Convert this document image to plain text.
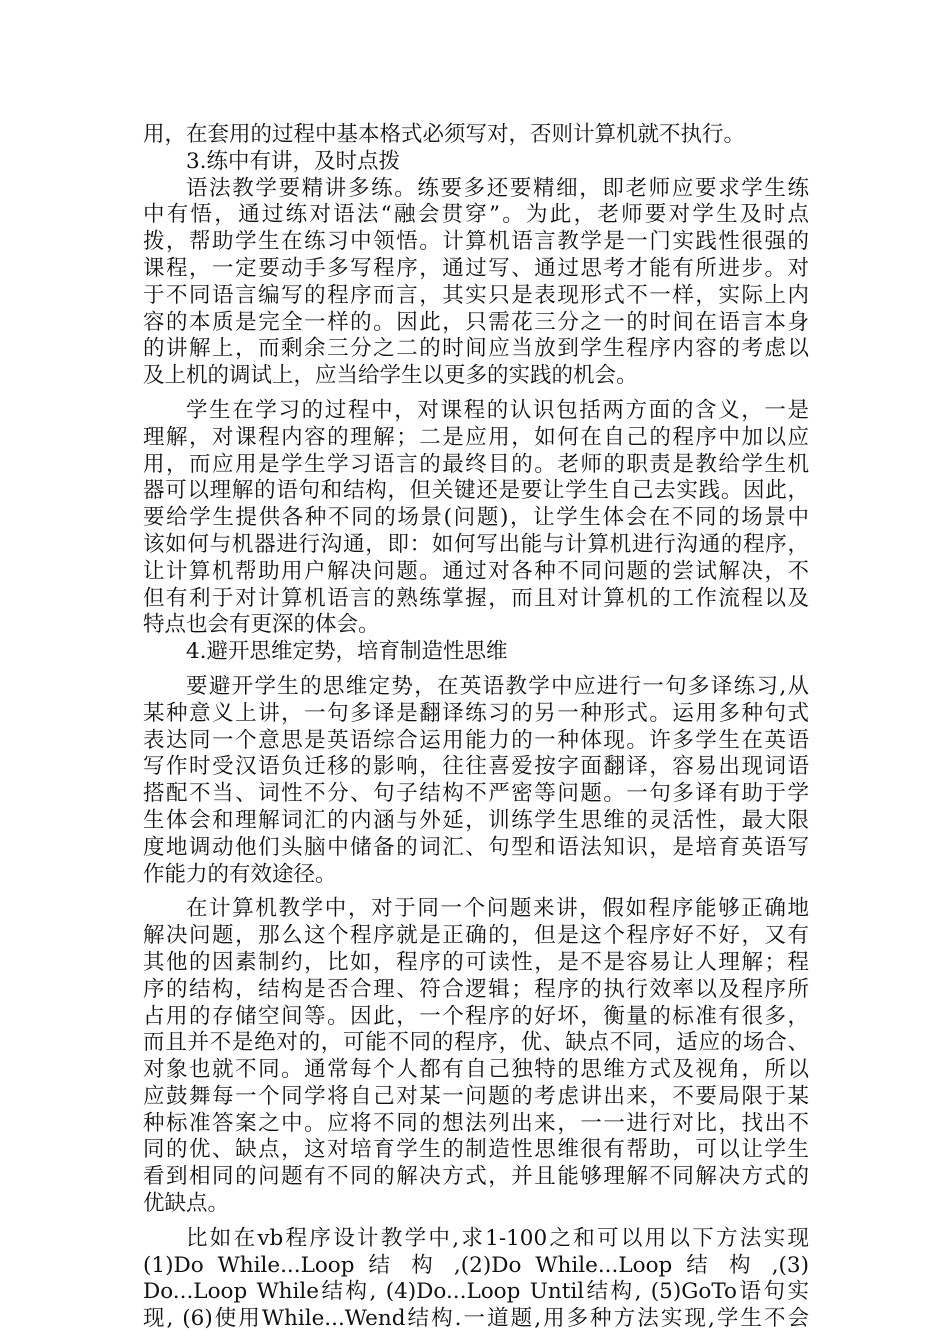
用，在套用的过程中基本格式必须写对，否则计算机就不执行。
3.练中有讲，及时点拨
语法教学要精讲多练。练要多还要精细，即老师应要求学生练
中有悟，通过练对语法“融会贯穿”。为此，老师要对学生及时点
拨，帮助学生在练习中领悟。计算机语言教学是一门实践性很强的
课程，一定要动手多写程序，通过写、通过思考才能有所进步。对
于不同语言编写的程序而言，其实只是表现形式不一样，实际上内
容的本质是完全一样的。因此，只需花三分之一的时间在语言本身
的讲解上，而剩余三分之二的时间应当放到学生程序内容的考虑以
及上机的调试上，应当给学生以更多的实践的机会。
学生在学习的过程中，对课程的认识包括两方面的含义，一是
理解，对课程内容的理解；二是应用，如何在自己的程序中加以应
用，而应用是学生学习语言的最终目的。老师的职责是教给学生机
器可以理解的语句和结构，但关键还是要让学生自己去实践。因此，
要给学生提供各种不同的场景(问题)，让学生体会在不同的场景中
该如何与机器进行沟通，即：如何写出能与计算机进行沟通的程序，
让计算机帮助用户解决问题。通过对各种不同问题的尝试解决，不
但有利于对计算机语言的熟练掌握，而且对计算机的工作流程以及
特点也会有更深的体会。
4.避开思维定势，培育制造性思维
要避开学生的思维定势，在英语教学中应进行一句多译练习,从
某种意义上讲，一句多译是翻译练习的另一种形式。运用多种句式
表达同一个意思是英语综合运用能力的一种体现。许多学生在英语
写作时受汉语负迁移的影响，往往喜爱按字面翻译，容易出现词语
搭配不当、词性不分、句子结构不严密等问题。一句多译有助于学
生体会和理解词汇的内涵与外延，训练学生思维的灵活性，最大限
度地调动他们头脑中储备的词汇、句型和语法知识，是培育英语写
作能力的有效途径。
在计算机教学中，对于同一个问题来讲，假如程序能够正确地
解决问题，那么这个程序就是正确的，但是这个程序好不好，又有
其他的因素制约，比如，程序的可读性，是不是容易让人理解；程
序的结构，结构是否合理、符合逻辑；程序的执行效率以及程序所
占用的存储空间等。因此，一个程序的好坏，衡量的标准有很多，
而且并不是绝对的，可能不同的程序，优、缺点不同，适应的场合、
对象也就不同。通常每个人都有自己独特的思维方式及视角，所以
应鼓舞每一个同学将自己对某一问题的考虑讲出来，不要局限于某
种标准答案之中。应将不同的想法列出来，一一进行对比，找出不
同的优、缺点，这对培育学生的制造性思维很有帮助，可以让学生
看到相同的问题有不同的解决方式，并且能够理解不同解决方式的
优缺点。
比如在vb程序设计教学中,求1-100之和可以用以下方法实现
(1)Do While...Loop 结 构 ,(2)Do While...Loop 结 构 ,(3)
Do...Loop While结构, (4)Do...Loop Until结构, (5)GoTo语句实
现, (6)使用While...Wend结构.一道题,用多种方法实现,学生不会
